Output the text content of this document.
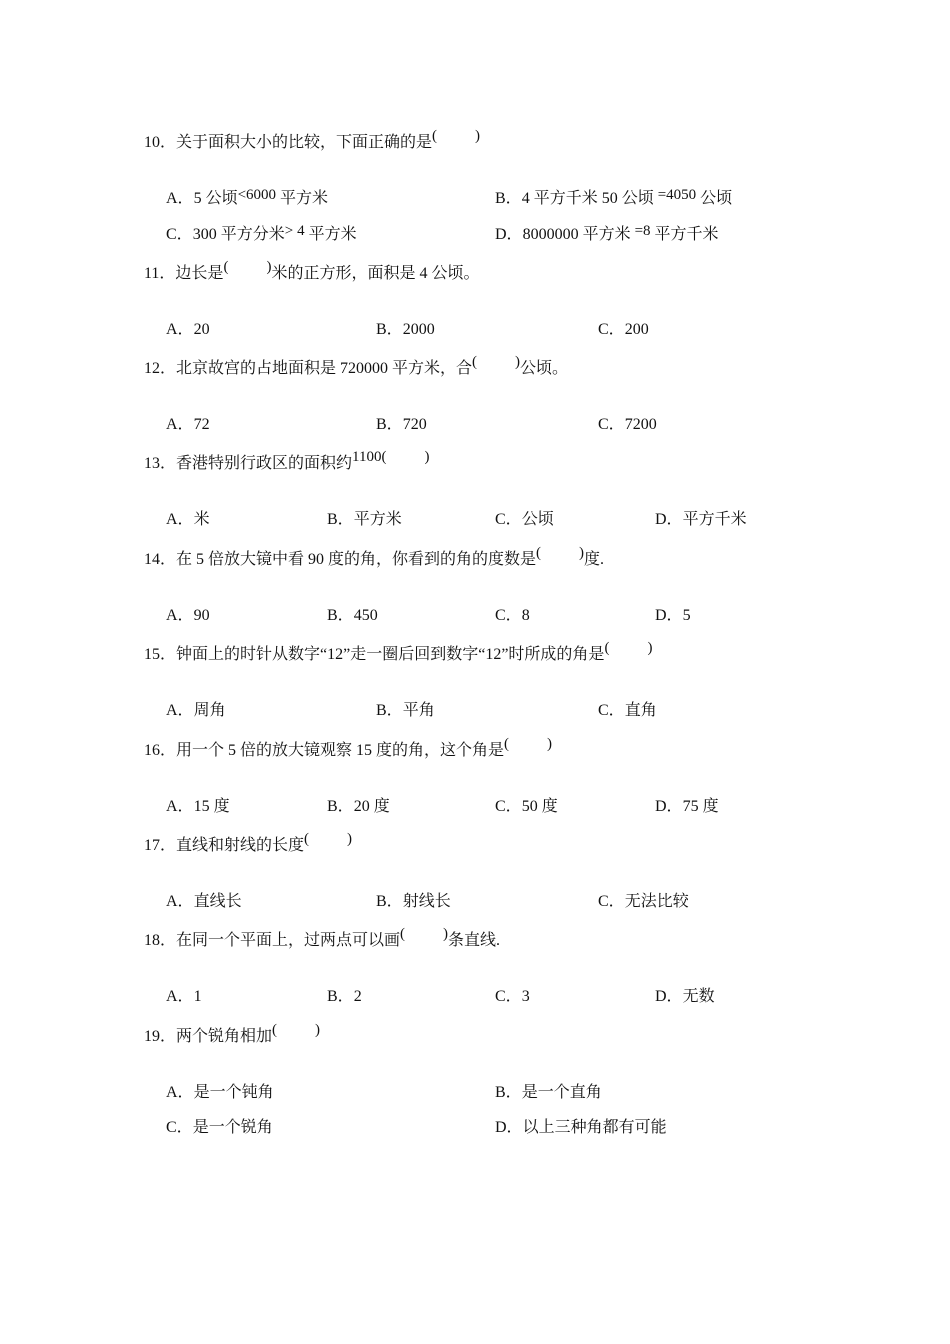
10．关于面积大小的比较，下面正确的是(	)
A．5 公顷<6000 平方米	B．4 平方千米 50 公顷 =4050 公顷
C．300 平方分米> 4 平方米	D．8000000 平方米 =8 平方千米
11．边长是(	)米的正方形，面积是 4 公顷。
A．20	B．2000	C．200
12．北京故宫的占地面积是 720000 平方米，合(	)公顷。
A．72	B．720	C．7200
13．香港特别行政区的面积约1100(	)
A．米	B．平方米	C．公顷	D．平方千米
14．在 5 倍放大镜中看 90 度的角，你看到的角的度数是(	)度.
A．90	B．450	C．8	D．5
15．钟面上的时针从数字“12”走一圈后回到数字“12”时所成的角是(	)
A．周角	B．平角	C．直角
16．用一个 5 倍的放大镜观察 15 度的角，这个角是(	)
A．15 度	B．20 度	C．50 度	D．75 度
17．直线和射线的长度(	)
A．直线长	B．射线长	C．无法比较
18．在同一个平面上，过两点可以画(	)条直线.
A．1	B．2	C．3	D．无数
19．两个锐角相加(	)
A．是一个钝角	B．是一个直角
C．是一个锐角	D．以上三种角都有可能
